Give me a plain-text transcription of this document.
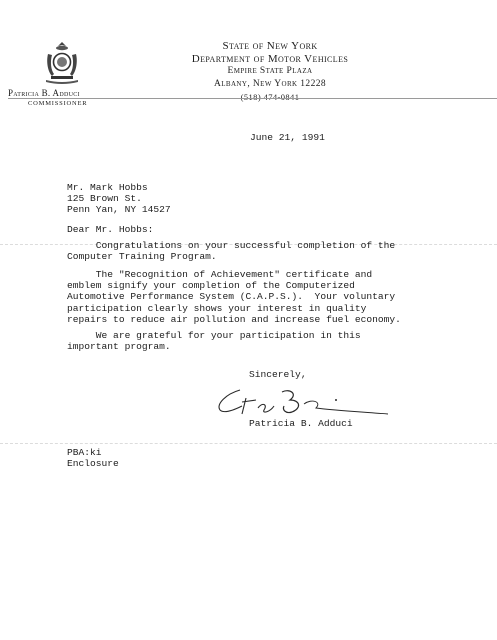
State of New York
Department of Motor Vehicles
Empire State Plaza
Albany, New York 12228
(518) 474-0841
Patricia B. Adduci
COMMISSIONER
June 21, 1991
Mr. Mark Hobbs
125 Brown St.
Penn Yan, NY 14527
Dear Mr. Hobbs:
Congratulations on your successful completion of the
Computer Training Program.
The "Recognition of Achievement" certificate and
emblem signify your completion of the Computerized
Automotive Performance System (C.A.P.S.).  Your voluntary
participation clearly shows your interest in quality
repairs to reduce air pollution and increase fuel economy.
We are grateful for your participation in this
important program.
Sincerely,
Patricia B. Adduci
PBA:ki
Enclosure
